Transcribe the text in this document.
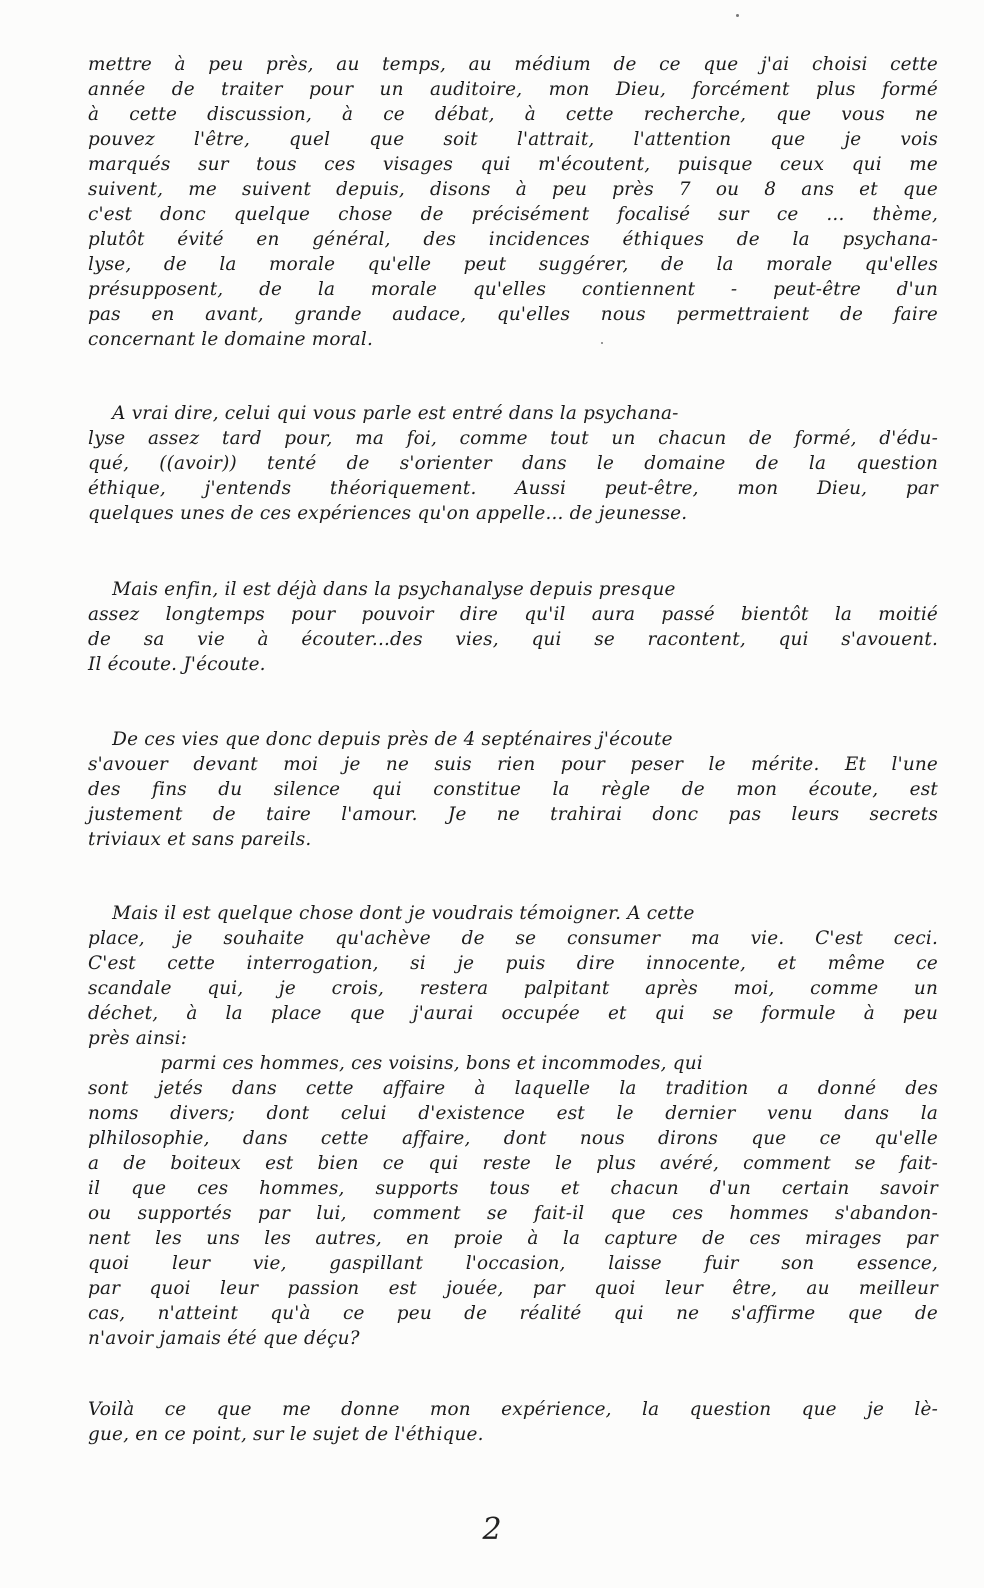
mettre à peu près, au temps, au médium de ce que j'ai choisi cette
année de traiter pour un auditoire, mon Dieu, forcément plus formé
à cette discussion, à ce débat, à cette recherche, que vous ne
pouvez l'être, quel que soit l'attrait, l'attention que je vois
marqués sur tous ces visages qui m'écoutent, puisque ceux qui me
suivent, me suivent depuis, disons à peu près 7 ou 8 ans et que
c'est donc quelque chose de précisément focalisé sur ce ... thème,
plutôt évité en général, des incidences éthiques de la psychana-
lyse, de la morale qu'elle peut suggérer, de la morale qu'elles
présupposent, de la morale qu'elles contiennent - peut-être d'un
pas en avant, grande audace, qu'elles nous permettraient de faire
concernant le domaine moral.
A vrai dire, celui qui vous parle est entré dans la psychana-
lyse assez tard pour, ma foi, comme tout un chacun de formé, d'édu-
qué, ((avoir)) tenté de s'orienter dans le domaine de la question
éthique, j'entends théoriquement. Aussi peut-être, mon Dieu, par
quelques unes de ces expériences qu'on appelle... de jeunesse.
Mais enfin, il est déjà dans la psychanalyse depuis presque
assez longtemps pour pouvoir dire qu'il aura passé bientôt la moitié
de sa vie à écouter...des vies, qui se racontent, qui s'avouent.
Il écoute. J'écoute.
De ces vies que donc depuis près de 4 septénaires j'écoute
s'avouer devant moi je ne suis rien pour peser le mérite. Et l'une
des fins du silence qui constitue la règle de mon écoute, est
justement de taire l'amour. Je ne trahirai donc pas leurs secrets
triviaux et sans pareils.
Mais il est quelque chose dont je voudrais témoigner. A cette
place, je souhaite qu'achève de se consumer ma vie. C'est ceci.
C'est cette interrogation, si je puis dire innocente, et même ce
scandale qui, je crois, restera palpitant après moi, comme un
déchet, à la place que j'aurai occupée et qui se formule à peu
près ainsi:
parmi ces hommes, ces voisins, bons et incommodes, qui
sont jetés dans cette affaire à laquelle la tradition a donné des
noms divers; dont celui d'existence est le dernier venu dans la
plhilosophie, dans cette affaire, dont nous dirons que ce qu'elle
a de boiteux est bien ce qui reste le plus avéré, comment se fait-
il que ces hommes, supports tous et chacun d'un certain savoir
ou supportés par lui, comment se fait-il que ces hommes s'abandon-
nent les uns les autres, en proie à la capture de ces mirages par
quoi leur vie, gaspillant l'occasion, laisse fuir son essence,
par quoi leur passion est jouée, par quoi leur être, au meilleur
cas, n'atteint qu'à ce peu de réalité qui ne s'affirme que de
n'avoir jamais été que déçu?
Voilà ce que me donne mon expérience, la question que je lè-
gue, en ce point, sur le sujet de l'éthique.
2
